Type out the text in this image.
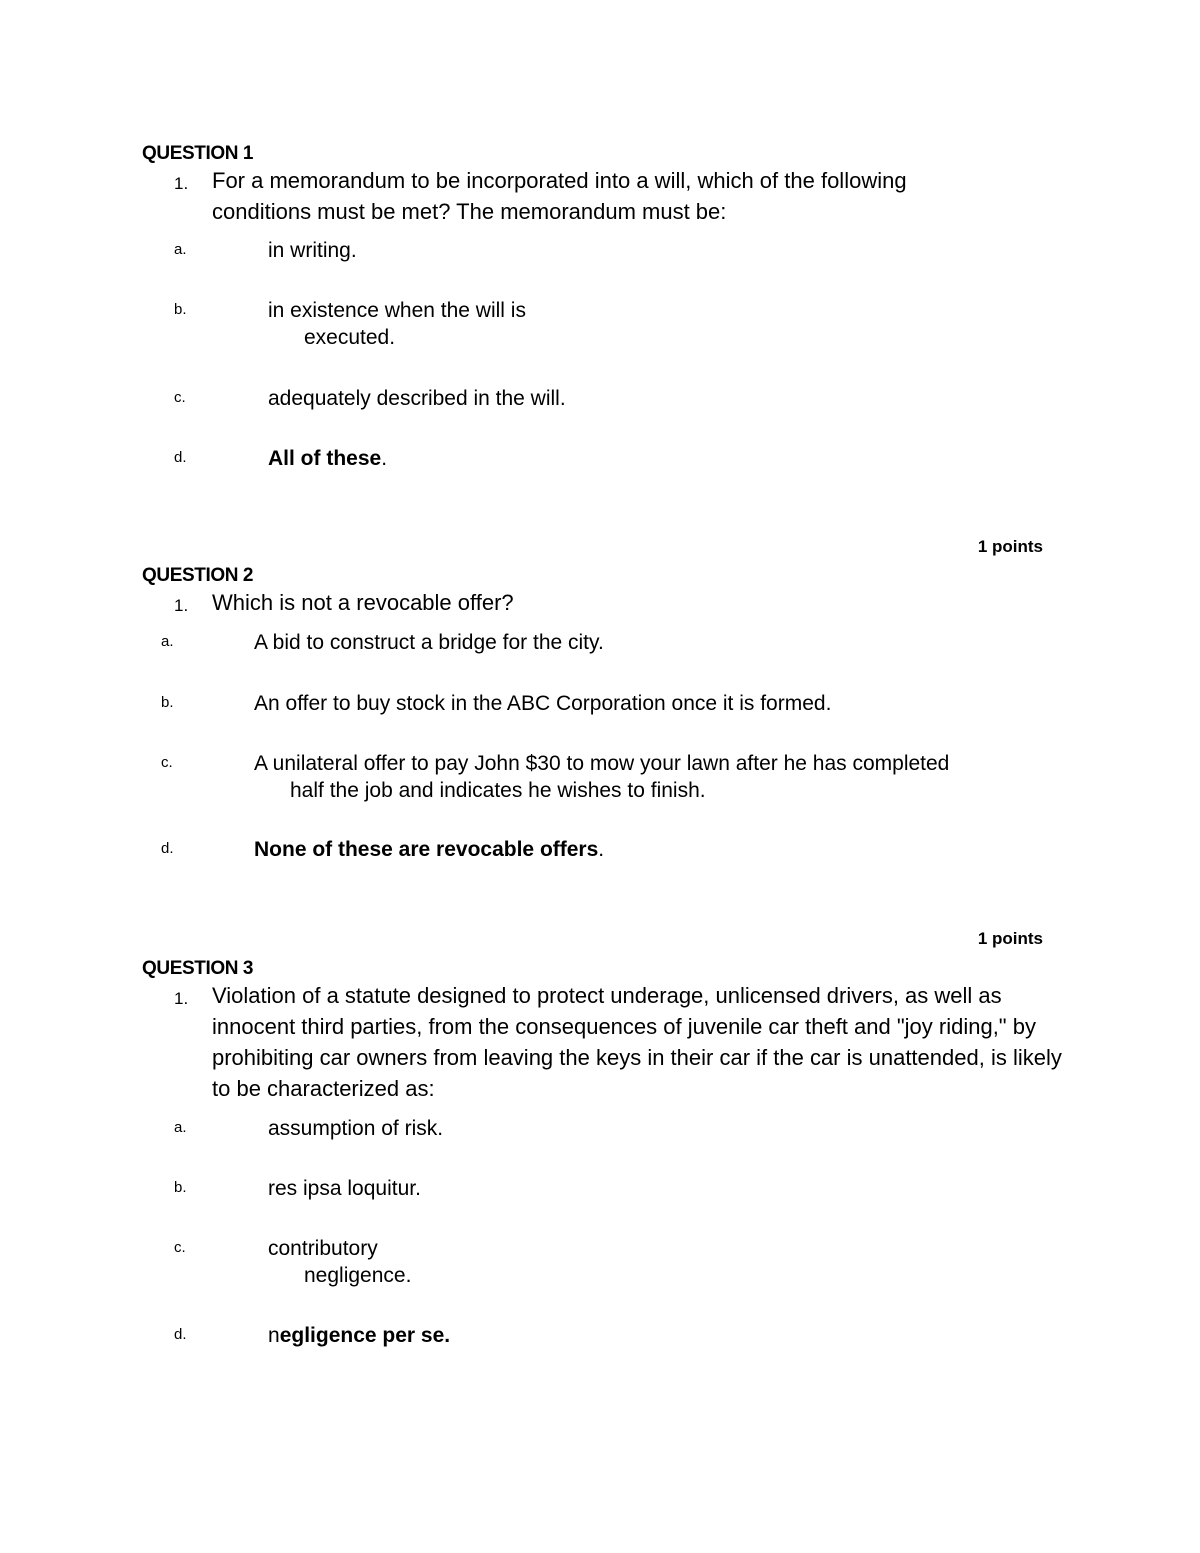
QUESTION 1
1. For a memorandum to be incorporated into a will, which of the following conditions must be met? The memorandum must be:
a.	in writing.
b.	in existence when the will is
executed.
c.	adequately described in the will.
d.	All of these.
1 points
QUESTION 2
1. Which is not a revocable offer?
a.	A bid to construct a bridge for the city.
b.	An offer to buy stock in the ABC Corporation once it is formed.
c.	A unilateral offer to pay John $30 to mow your lawn after he has completed
half the job and indicates he wishes to finish.
d.	None of these are revocable offers.
1 points
QUESTION 3
1. Violation of a statute designed to protect underage, unlicensed drivers, as well as innocent third parties, from the consequences of juvenile car theft and "joy riding," by prohibiting car owners from leaving the keys in their car if the car is unattended, is likely to be characterized as:
a.	assumption of risk.
b.	res ipsa loquitur.
c.	contributory
negligence.
d.	negligence per se.
